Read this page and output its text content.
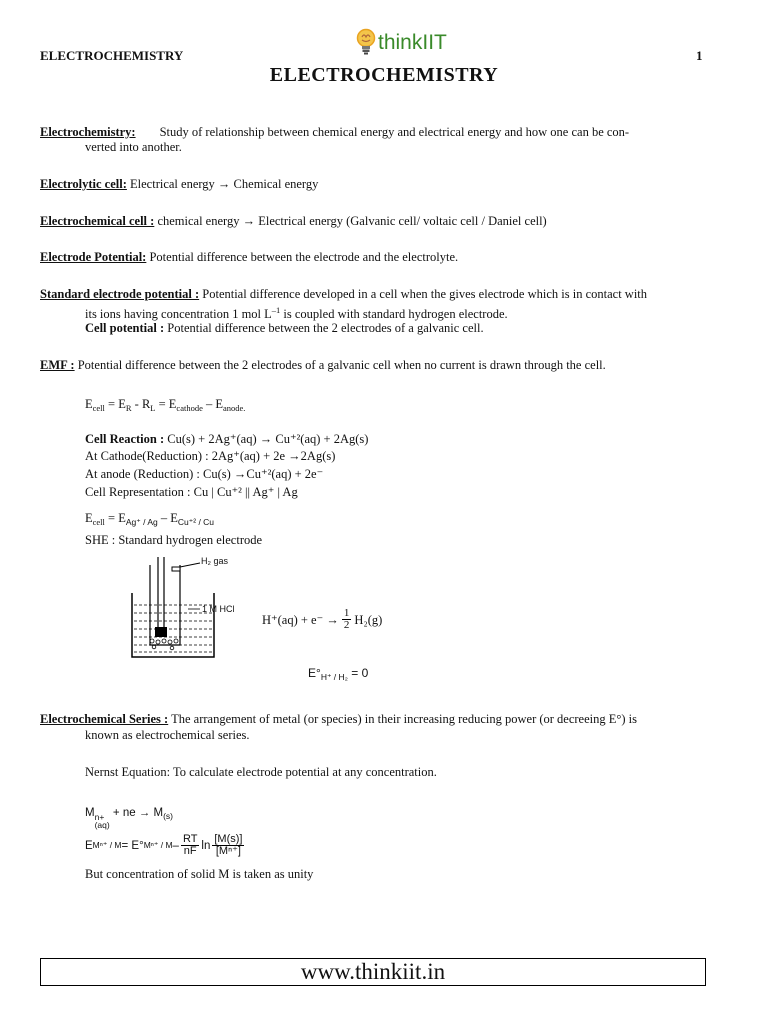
ELECTROCHEMISTRY	1
thinkIIT
ELECTROCHEMISTRY
Electrochemistry: Study of relationship between chemical energy and electrical energy and how one can be con-
verted into another.
Electrolytic cell: Electrical energy → Chemical energy
Electrochemical cell : chemical energy → Electrical energy (Galvanic cell/ voltaic cell / Daniel cell)
Electrode Potential: Potential difference between the electrode and the electrolyte.
Standard electrode potential : Potential difference developed in a cell when the gives electrode which is in contact with
its ions having concentration 1 mol $L^{-1}$ is coupled with standard hydrogen electrode.
Cell potential : Potential difference between the 2 electrodes of a galvanic cell.
EMF : Potential difference between the 2 electrodes of a galvanic cell when no current is drawn through the cell.
$E_{cell} = E_R - R_L = E_{cathode} - E_{anode.}$
Cell Reaction : Cu(s) + 2Ag⁺(aq) → Cu⁺²(aq) + 2Ag(s)
At Cathode(Reduction) : 2Ag⁺(aq) + 2e →2Ag(s)
At anode (Reduction) : Cu(s) →Cu⁺²(aq) + 2e⁻
Cell Representation : Cu | Cu⁺² || Ag⁺ | Ag
$E_{cell} = E_{Ag^+ / Ag} - E_{Cu^{+2} / Cu}$
SHE : Standard hydrogen electrode
H₂ gas
1 M HCl
$H^+(aq) + e^- \to \frac{1}{2} H_2(g)$
$E^\circ_{H^+ / H_2} = 0$
Electrochemical Series : The arrangement of metal (or species) in their increasing reducing power (or decreeing E°) is
known as electrochemical series.
Nernst Equation: To calculate electrode potential at any concentration.
M n+
(aq)
+ ne → $M_{(s)}$
E Mⁿ⁺ / M = E° Mⁿ⁺ / M – $\frac{RT}{nF}$ $\ln \frac{[M(s)]}{\text{[Mⁿ⁺]}}$
But concentration of solid M is taken as unity
www.thinkiit.in
